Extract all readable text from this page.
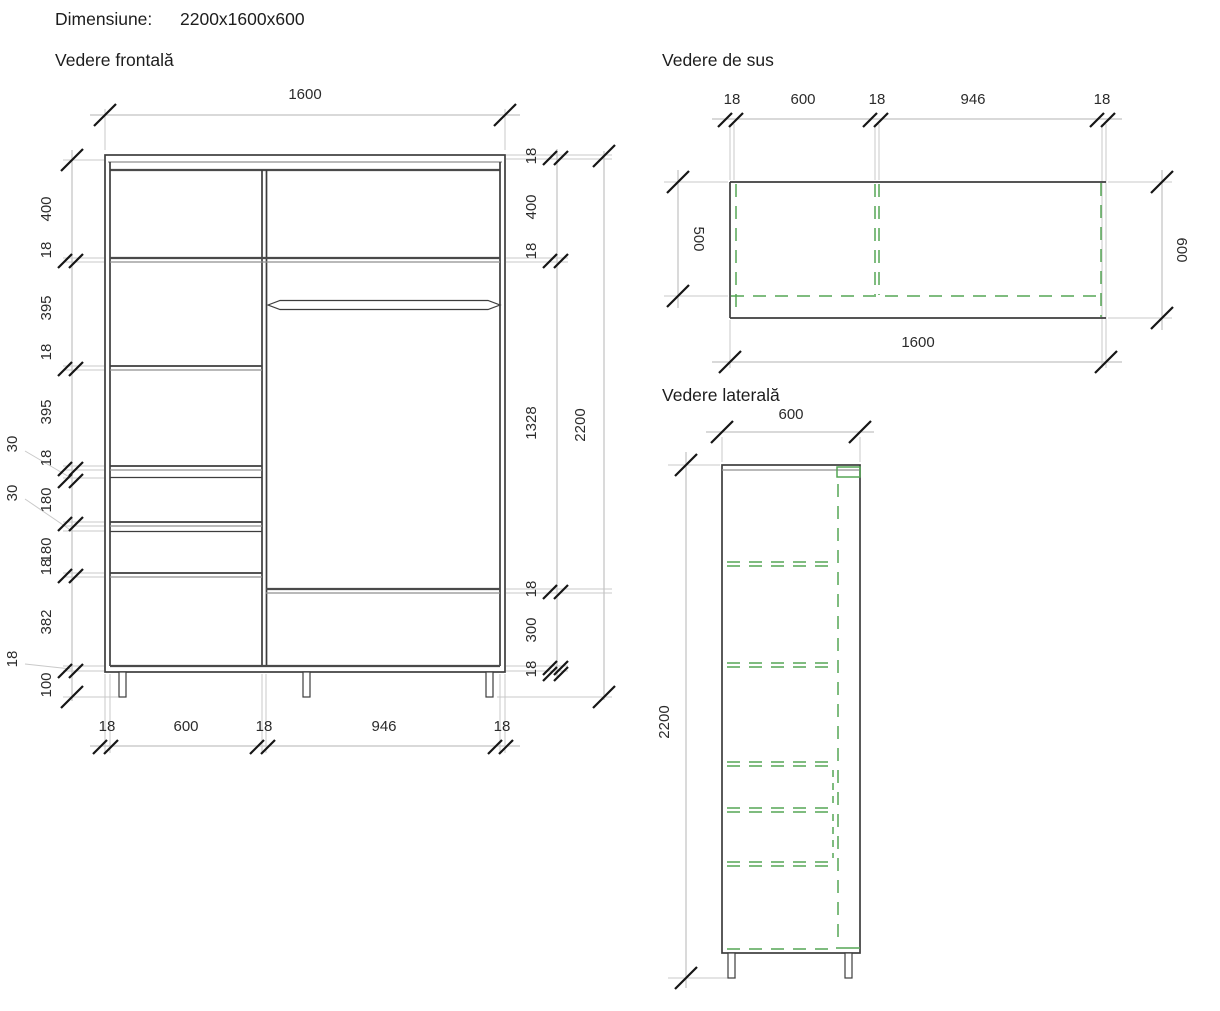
Dimensiune: 2200x1600x600
Vedere frontală
1600
400
18
395
18
395
18
180
180
18
382
100
30
30
18
18
400
18
1328
18
300
18
2200
18	600	18	946	18
Vedere de sus
18	600	18	946	18
500	600
1600
Vedere laterală
600
2200
